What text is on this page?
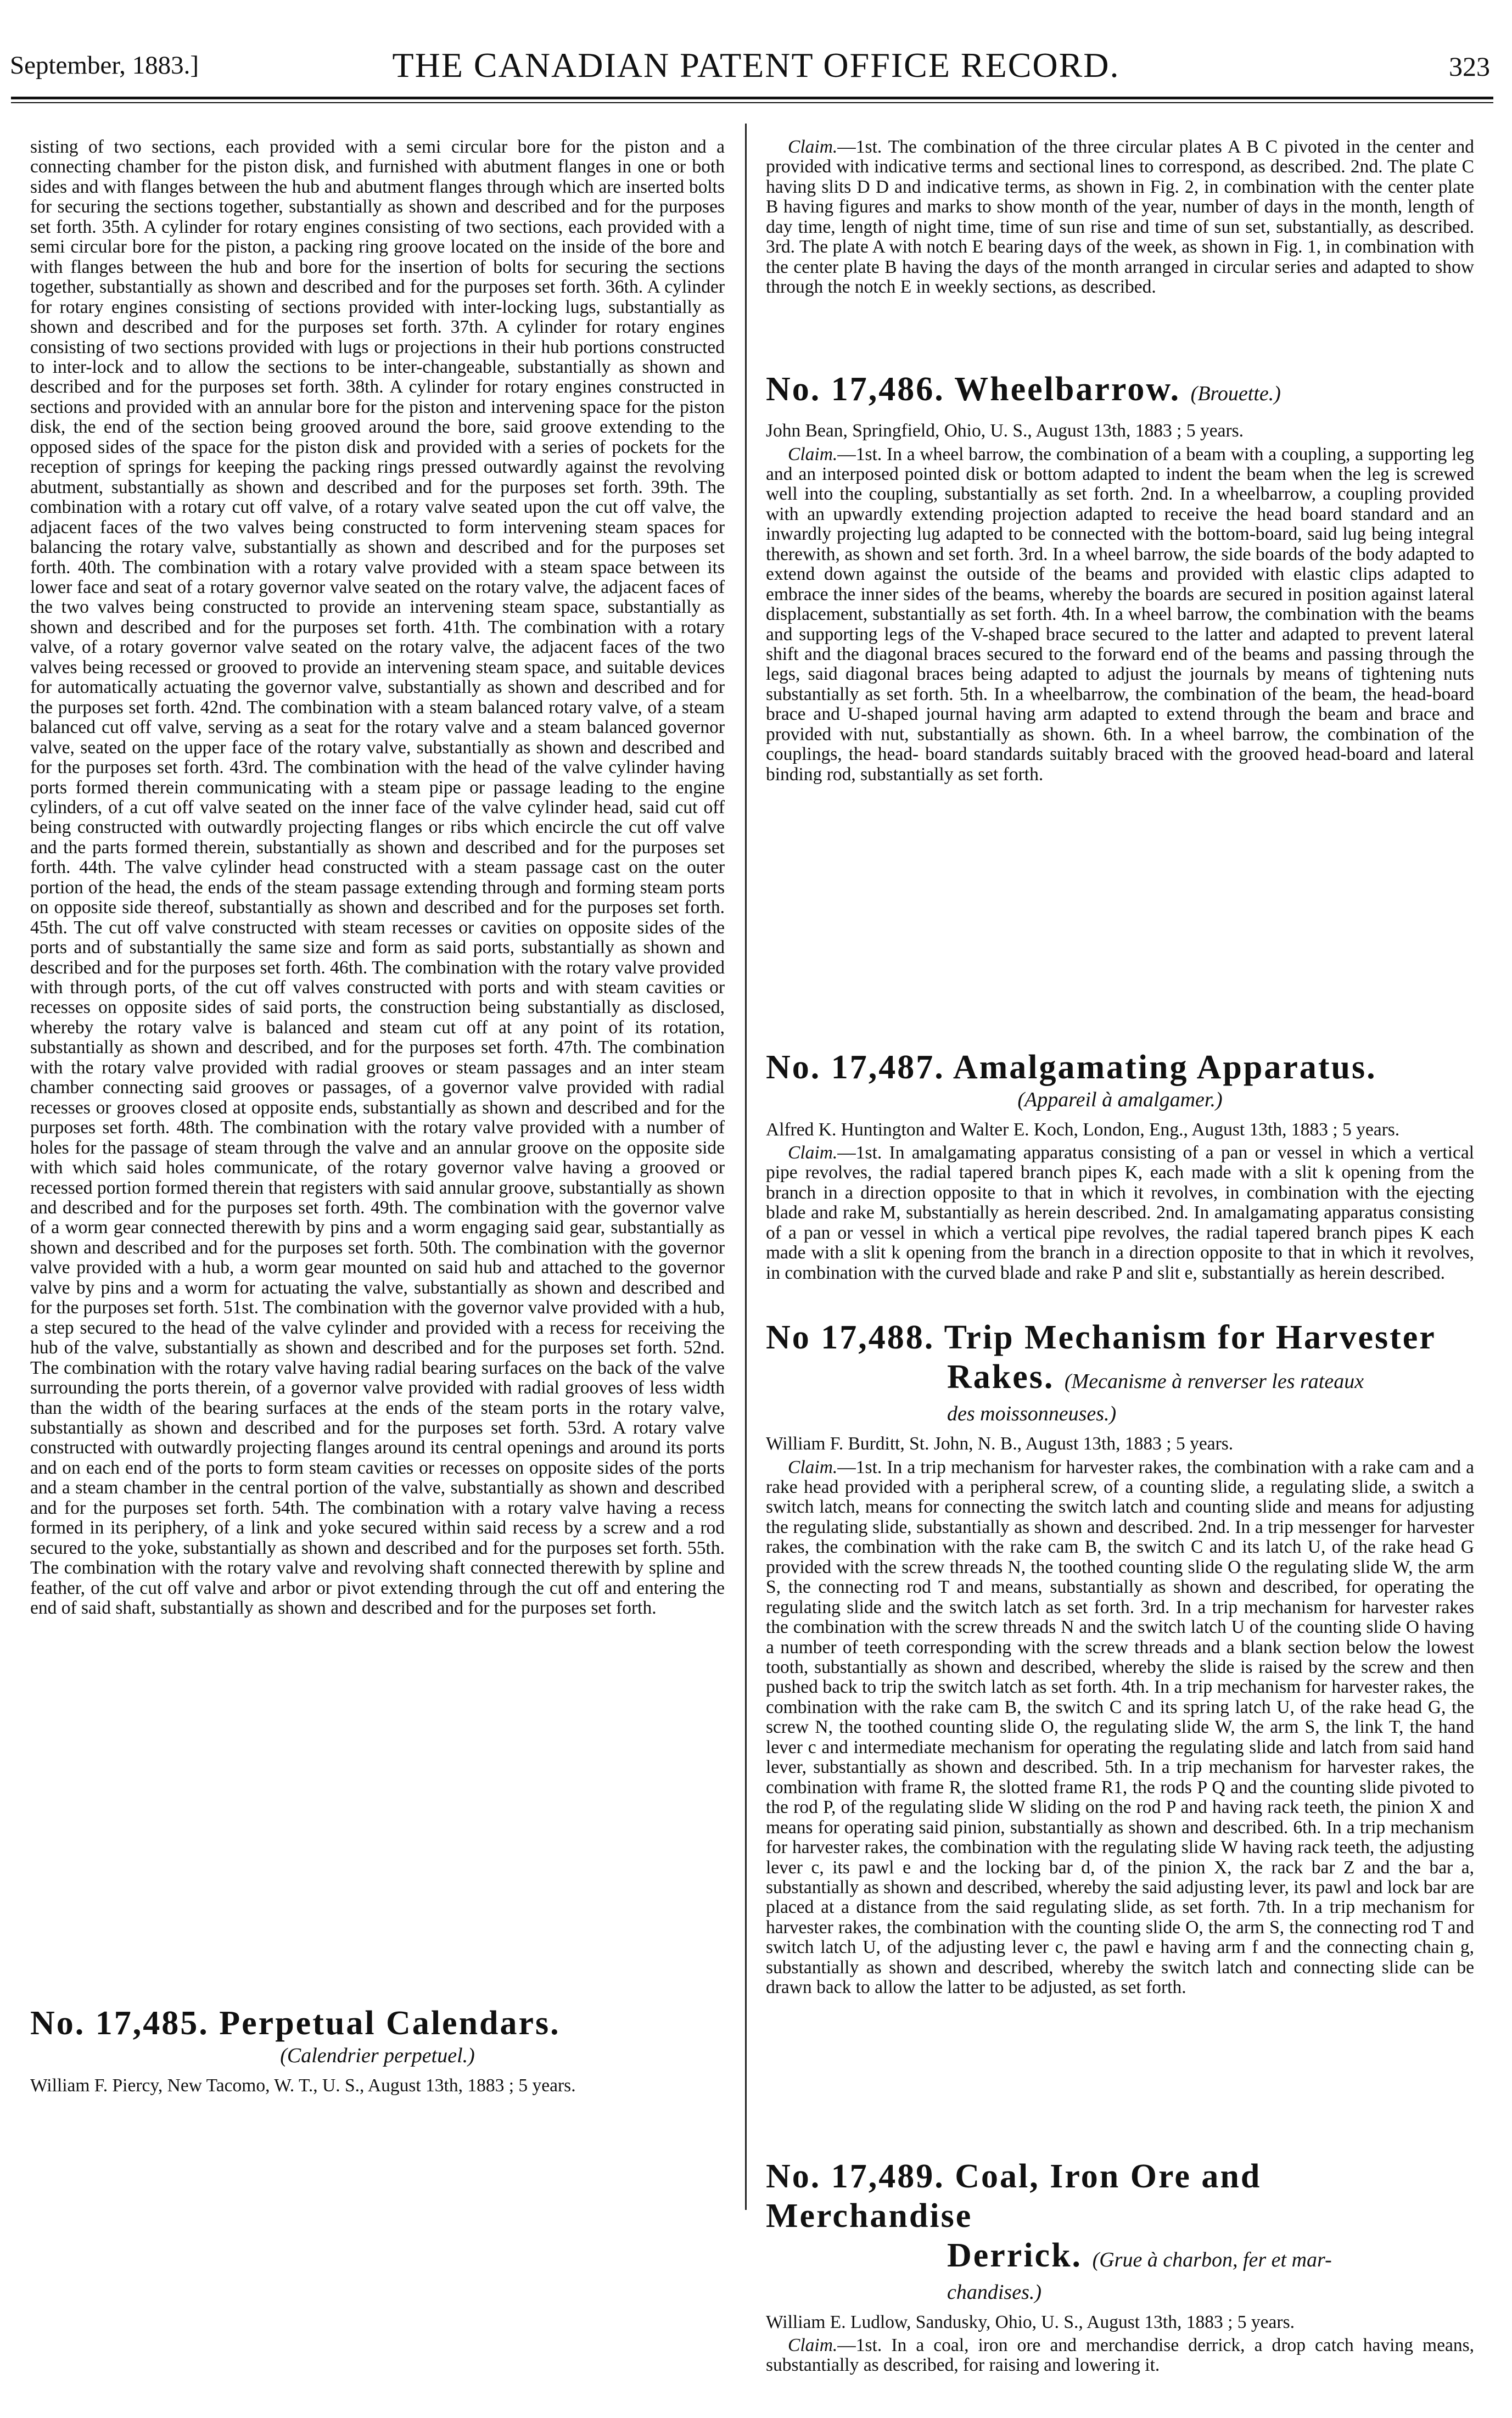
September, 1883.]	THE CANADIAN PATENT OFFICE RECORD.	323

sisting of two sections, each provided with a semi circular bore for the piston and a connecting chamber for the piston disk, and furnished with abutment flanges in one or both sides and with flanges between the hub and abutment flanges through which are inserted bolts for securing the sections together, substantially as shown and described and for the purposes set forth. 35th. A cylinder for rotary engines consisting of two sections, each provided with a semi circular bore for the piston, a packing ring groove located on the inside of the bore and with flanges between the hub and bore for the insertion of bolts for securing the sections together, substantially as shown and described and for the purposes set forth. 36th. A cylinder for rotary engines consisting of sections provided with inter-locking lugs, substantially as shown and described and for the purposes set forth. 37th. A cylinder for rotary engines consisting of two sections provided with lugs or projections in their hub portions constructed to inter-lock and to allow the sections to be inter-changeable, substantially as shown and described and for the purposes set forth. 38th. A cylinder for rotary engines constructed in sections and provided with an annular bore for the piston and intervening space for the piston disk, the end of the section being grooved around the bore, said groove extending to the opposed sides of the space for the piston disk and provided with a series of pockets for the reception of springs for keeping the packing rings pressed outwardly against the revolving abutment, substantially as shown and described and for the purposes set forth. 39th. The combination with a rotary cut off valve, of a rotary valve seated upon the cut off valve, the adjacent faces of the two valves being constructed to form intervening steam spaces for balancing the rotary valve, substantially as shown and described and for the purposes set forth. 40th. The combination with a rotary valve provided with a steam space between its lower face and seat of a rotary governor valve seated on the rotary valve, the adjacent faces of the two valves being constructed to provide an intervening steam space, substantially as shown and described and for the purposes set forth. 41th. The combination with a rotary valve, of a rotary governor valve seated on the rotary valve, the adjacent faces of the two valves being recessed or grooved to provide an intervening steam space, and suitable devices for automatically actuating the governor valve, substantially as shown and described and for the purposes set forth. 42nd. The combination with a steam balanced rotary valve, of a steam balanced cut off valve, serving as a seat for the rotary valve and a steam balanced governor valve, seated on the upper face of the rotary valve, substantially as shown and described and for the purposes set forth. 43rd. The combination with the head of the valve cylinder having ports formed therein communicating with a steam pipe or passage leading to the engine cylinders, of a cut off valve seated on the inner face of the valve cylinder head, said cut off being constructed with outwardly projecting flanges or ribs which encircle the cut off valve and the parts formed therein, substantially as shown and described and for the purposes set forth. 44th. The valve cylinder head constructed with a steam passage cast on the outer portion of the head, the ends of the steam passage extending through and forming steam ports on opposite side thereof, substantially as shown and described and for the purposes set forth. 45th. The cut off valve constructed with steam recesses or cavities on opposite sides of the ports and of substantially the same size and form as said ports, substantially as shown and described and for the purposes set forth. 46th. The combination with the rotary valve provided with through ports, of the cut off valves constructed with ports and with steam cavities or recesses on opposite sides of said ports, the construction being substantially as disclosed, whereby the rotary valve is balanced and steam cut off at any point of its rotation, substantially as shown and described, and for the purposes set forth. 47th. The combination with the rotary valve provided with radial grooves or steam passages and an inter steam chamber connecting said grooves or passages, of a governor valve provided with radial recesses or grooves closed at opposite ends, substantially as shown and described and for the purposes set forth. 48th. The combination with the rotary valve provided with a number of holes for the passage of steam through the valve and an annular groove on the opposite side with which said holes communicate, of the rotary governor valve having a grooved or recessed portion formed therein that registers with said annular groove, substantially as shown and described and for the purposes set forth. 49th. The combination with the governor valve of a worm gear connected therewith by pins and a worm engaging said gear, substantially as shown and described and for the purposes set forth. 50th. The combination with the governor valve provided with a hub, a worm gear mounted on said hub and attached to the governor valve by pins and a worm for actuating the valve, substantially as shown and described and for the purposes set forth. 51st. The combination with the governor valve provided with a hub, a step secured to the head of the valve cylinder and provided with a recess for receiving the hub of the valve, substantially as shown and described and for the purposes set forth. 52nd. The combination with the rotary valve having radial bearing surfaces on the back of the valve surrounding the ports therein, of a governor valve provided with radial grooves of less width than the width of the bearing surfaces at the ends of the steam ports in the rotary valve, substantially as shown and described and for the purposes set forth. 53rd. A rotary valve constructed with outwardly projecting flanges around its central openings and around its ports and on each end of the ports to form steam cavities or recesses on opposite sides of the ports and a steam chamber in the central portion of the valve, substantially as shown and described and for the purposes set forth. 54th. The combination with a rotary valve having a recess formed in its periphery, of a link and yoke secured within said recess by a screw and a rod secured to the yoke, substantially as shown and described and for the purposes set forth. 55th. The combination with the rotary valve and revolving shaft connected therewith by spline and feather, of the cut off valve and arbor or pivot extending through the cut off and entering the end of said shaft, substantially as shown and described and for the purposes set forth.

No. 17,485. Perpetual Calendars.

(Calendrier perpetuel.)
William F. Piercy, New Tacomo, W. T., U. S., August 13th, 1883 ; 5 years.
Claim.—1st. The combination of the three circular plates A B C pivoted in the center and provided with indicative terms and sectional lines to correspond, as described. 2nd. The plate C having slits D D and indicative terms, as shown in Fig. 2, in combination with the center plate B having figures and marks to show month of the year, number of days in the month, length of day time, length of night time, time of sun rise and time of sun set, substantially, as described. 3rd. The plate A with notch E bearing days of the week, as shown in Fig. 1, in combination with the center plate B having the days of the month arranged in circular series and adapted to show through the notch E in weekly sections, as described.

No. 17,486. Wheelbarrow. (Brouette.)

John Bean, Springfield, Ohio, U. S., August 13th, 1883 ; 5 years.
Claim.—1st. In a wheel barrow, the combination of a beam with a coupling, a supporting leg and an interposed pointed disk or bottom adapted to indent the beam when the leg is screwed well into the coupling, substantially as set forth. 2nd. In a wheelbarrow, a coupling provided with an upwardly extending projection adapted to receive the head board standard and an inwardly projecting lug adapted to be connected with the bottom-board, said lug being integral therewith, as shown and set forth. 3rd. In a wheel barrow, the side boards of the body adapted to extend down against the outside of the beams and provided with elastic clips adapted to embrace the inner sides of the beams, whereby the boards are secured in position against lateral displacement, substantially as set forth. 4th. In a wheel barrow, the combination with the beams and supporting legs of the V-shaped brace secured to the latter and adapted to prevent lateral shift and the diagonal braces secured to the forward end of the beams and passing through the legs, said diagonal braces being adapted to adjust the journals by means of tightening nuts substantially as set forth. 5th. In a wheelbarrow, the combination of the beam, the head-board brace and U-shaped journal having arm adapted to extend through the beam and brace and provided with nut, substantially as shown. 6th. In a wheel barrow, the combination of the couplings, the head- board standards suitably braced with the grooved head-board and lateral binding rod, substantially as set forth.

No. 17,487. Amalgamating Apparatus.

(Appareil à amalgamer.)
Alfred K. Huntington and Walter E. Koch, London, Eng., August 13th, 1883 ; 5 years.
Claim.—1st. In amalgamating apparatus consisting of a pan or vessel in which a vertical pipe revolves, the radial tapered branch pipes K, each made with a slit k opening from the branch in a direction opposite to that in which it revolves, in combination with the ejecting blade and rake M, substantially as herein described. 2nd. In amalgamating apparatus consisting of a pan or vessel in which a vertical pipe revolves, the radial tapered branch pipes K each made with a slit k opening from the branch in a direction opposite to that in which it revolves, in combination with the curved blade and rake P and slit e, substantially as herein described.

No 17,488. Trip Mechanism for Harvester

Rakes. (Mecanisme à renverser les rateaux

des moissonneuses.)
William F. Burditt, St. John, N. B., August 13th, 1883 ; 5 years.
Claim.—1st. In a trip mechanism for harvester rakes, the combination with a rake cam and a rake head provided with a peripheral screw, of a counting slide, a regulating slide, a switch a switch latch, means for connecting the switch latch and counting slide and means for adjusting the regulating slide, substantially as shown and described. 2nd. In a trip messenger for harvester rakes, the combination with the rake cam B, the switch C and its latch U, of the rake head G provided with the screw threads N, the toothed counting slide O the regulating slide W, the arm S, the connecting rod T and means, substantially as shown and described, for operating the regulating slide and the switch latch as set forth. 3rd. In a trip mechanism for harvester rakes the combination with the screw threads N and the switch latch U of the counting slide O having a number of teeth corresponding with the screw threads and a blank section below the lowest tooth, substantially as shown and described, whereby the slide is raised by the screw and then pushed back to trip the switch latch as set forth. 4th. In a trip mechanism for harvester rakes, the combination with the rake cam B, the switch C and its spring latch U, of the rake head G, the screw N, the toothed counting slide O, the regulating slide W, the arm S, the link T, the hand lever c and intermediate mechanism for operating the regulating slide and latch from said hand lever, substantially as shown and described. 5th. In a trip mechanism for harvester rakes, the combination with frame R, the slotted frame R1, the rods P Q and the counting slide pivoted to the rod P, of the regulating slide W sliding on the rod P and having rack teeth, the pinion X and means for operating said pinion, substantially as shown and described. 6th. In a trip mechanism for harvester rakes, the combination with the regulating slide W having rack teeth, the adjusting lever c, its pawl e and the locking bar d, of the pinion X, the rack bar Z and the bar a, substantially as shown and described, whereby the said adjusting lever, its pawl and lock bar are placed at a distance from the said regulating slide, as set forth. 7th. In a trip mechanism for harvester rakes, the combination with the counting slide O, the arm S, the connecting rod T and switch latch U, of the adjusting lever c, the pawl e having arm f and the connecting chain g, substantially as shown and described, whereby the switch latch and connecting slide can be drawn back to allow the latter to be adjusted, as set forth.

No. 17,489. Coal, Iron Ore and Merchandise

Derrick. (Grue à charbon, fer et mar-

chandises.)
William E. Ludlow, Sandusky, Ohio, U. S., August 13th, 1883 ; 5 years.
Claim.—1st. In a coal, iron ore and merchandise derrick, a drop catch having means, substantially as described, for raising and lowering it.
